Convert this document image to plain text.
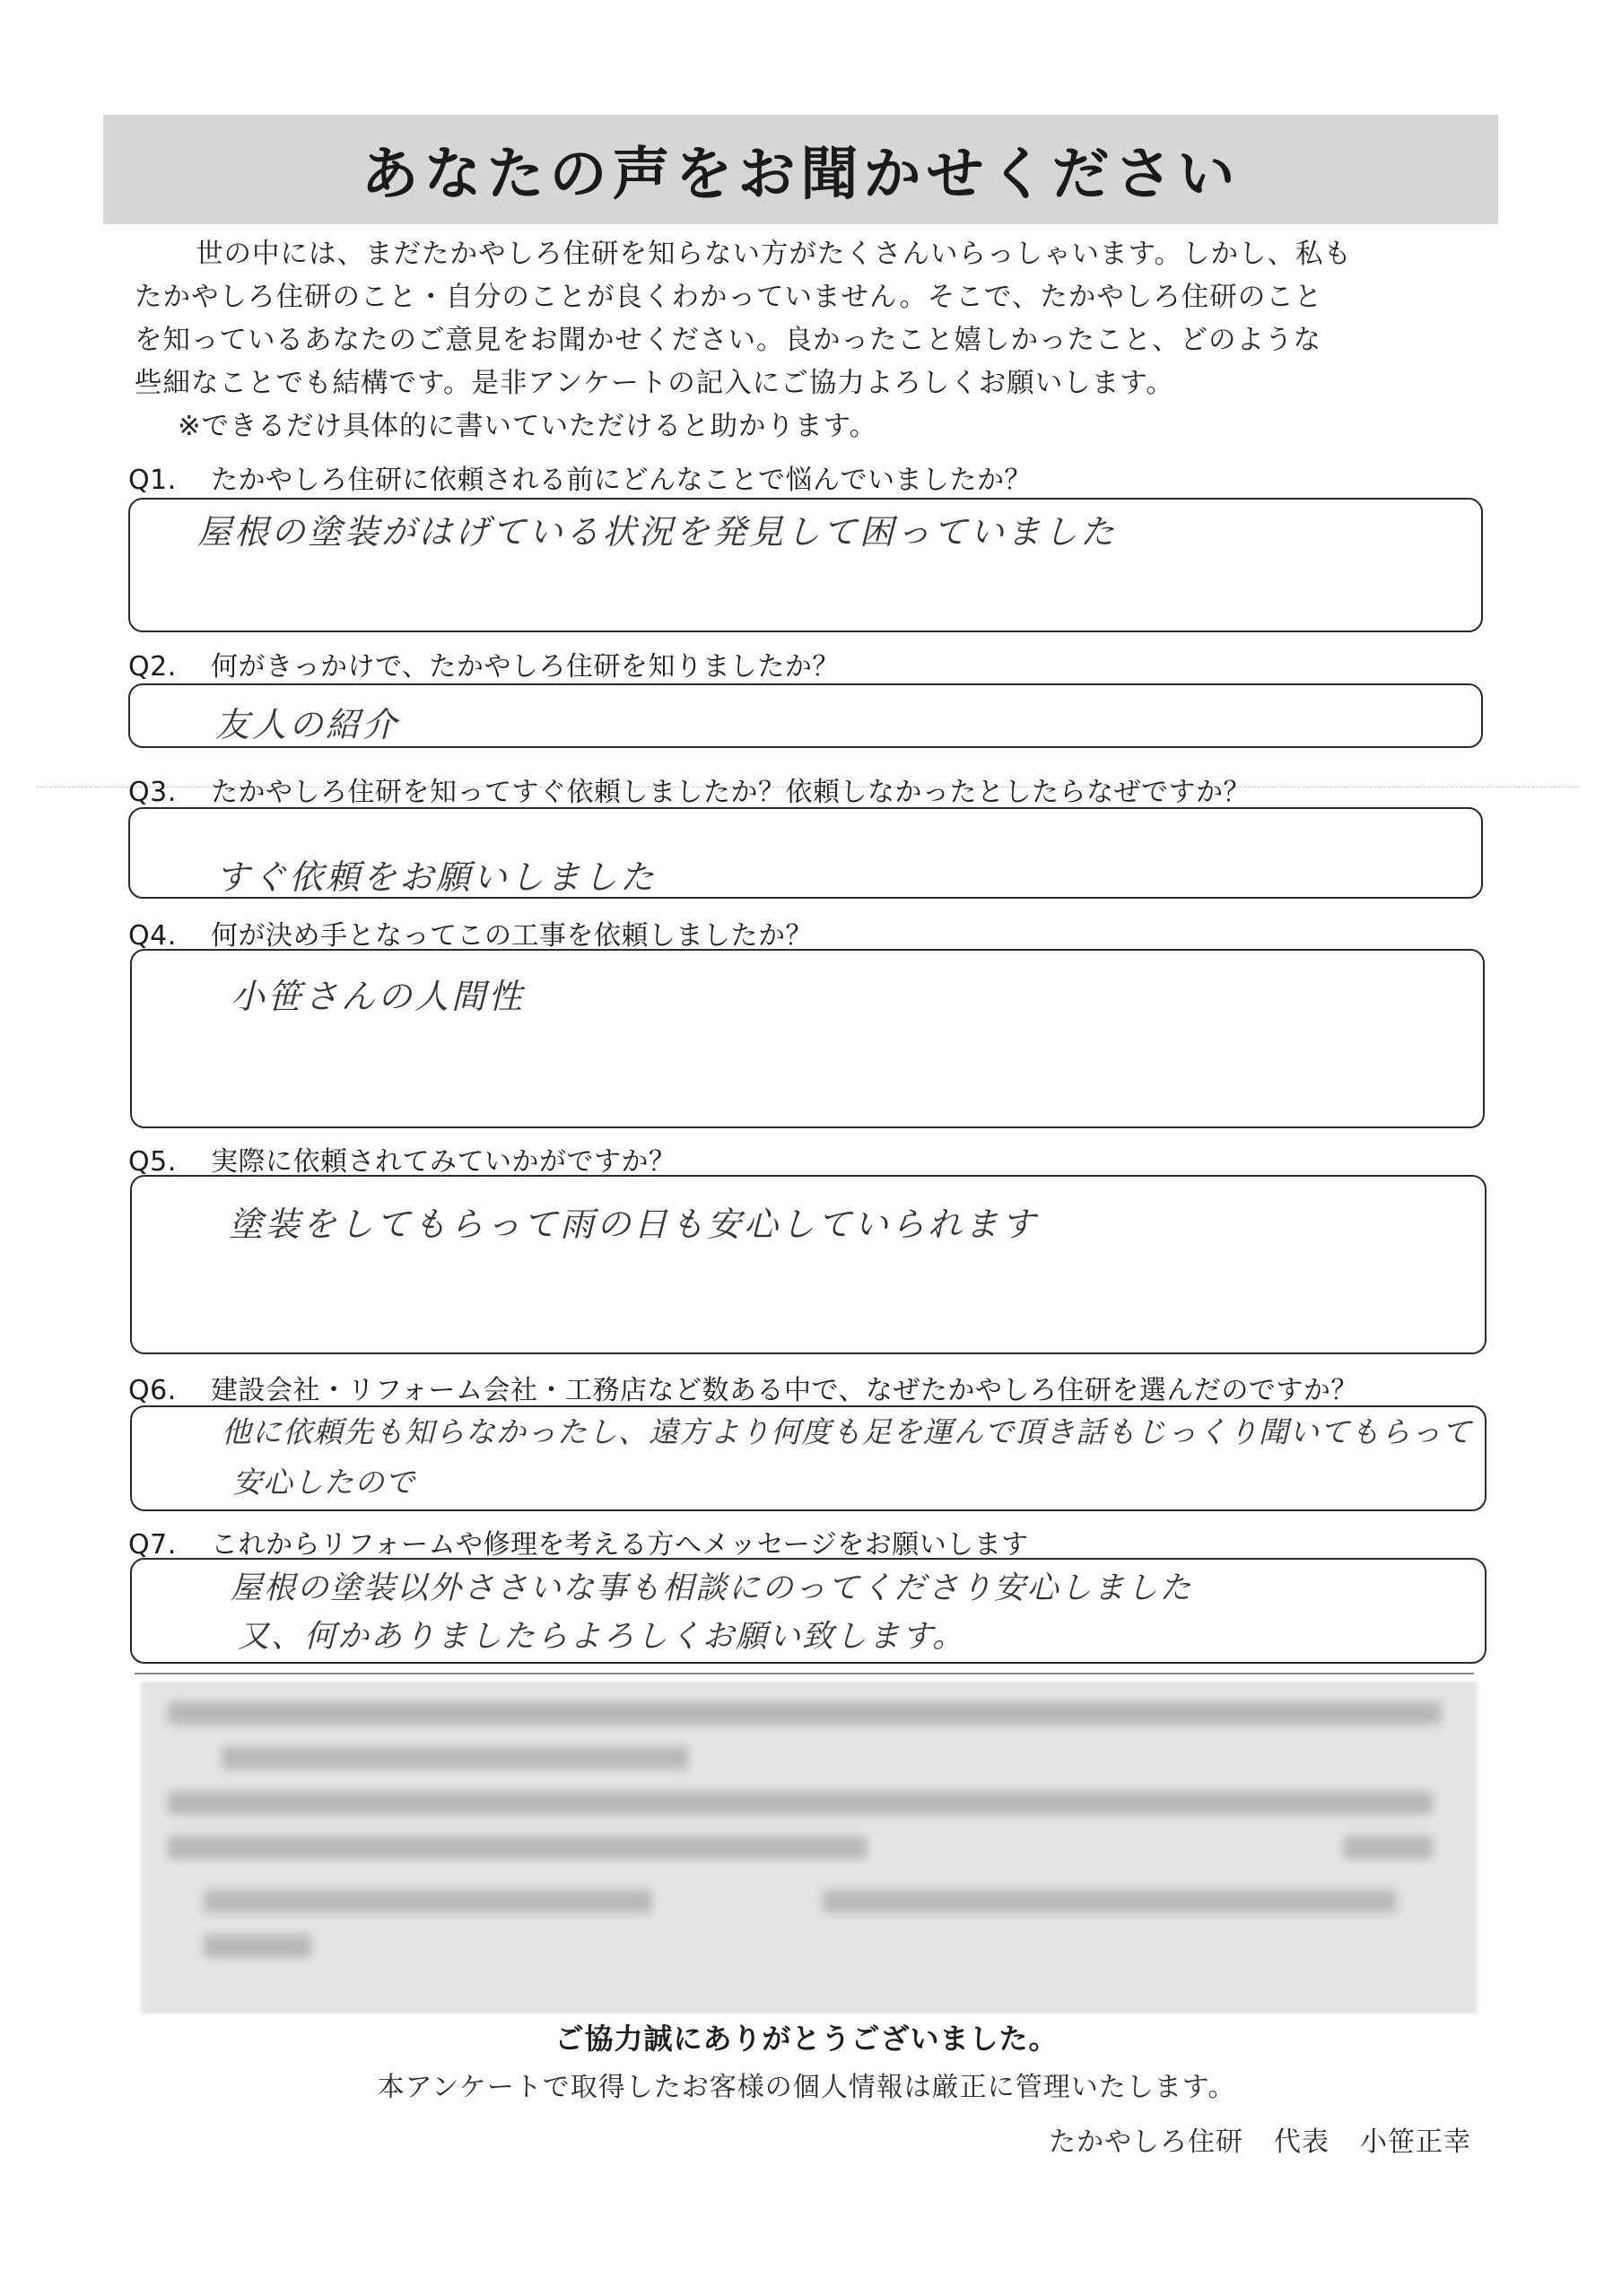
あなたの声をお聞かせください
世の中には、まだたかやしろ住研を知らない方がたくさんいらっしゃいます。しかし、私も
たかやしろ住研のこと・自分のことが良くわかっていません。そこで、たかやしろ住研のこと
を知っているあなたのご意見をお聞かせください。良かったこと嬉しかったこと、どのような
些細なことでも結構です。是非アンケートの記入にご協力よろしくお願いします。
※できるだけ具体的に書いていただけると助かります。
Q1. たかやしろ住研に依頼される前にどんなことで悩んでいましたか？
屋根の塗装がはげている状況を発見して困っていました
Q2. 何がきっかけで、たかやしろ住研を知りましたか？
友人の紹介
Q3. たかやしろ住研を知ってすぐ依頼しましたか？依頼しなかったとしたらなぜですか？
すぐ依頼をお願いしました
Q4. 何が決め手となってこの工事を依頼しましたか？
小笹さんの人間性
Q5. 実際に依頼されてみていかがですか？
塗装をしてもらって雨の日も安心していられます
Q6. 建設会社・リフォーム会社・工務店など数ある中で、なぜたかやしろ住研を選んだのですか？
他に依頼先も知らなかったし、遠方より何度も足を運んで頂き話もじっくり聞いてもらって
安心したので
Q7. これからリフォームや修理を考える方へメッセージをお願いします
屋根の塗装以外ささいな事も相談にのってくださり安心しました
又、何かありましたらよろしくお願い致します。
ご協力誠にありがとうございました。
本アンケートで取得したお客様の個人情報は厳正に管理いたします。
たかやしろ住研 代表 小笹正幸
